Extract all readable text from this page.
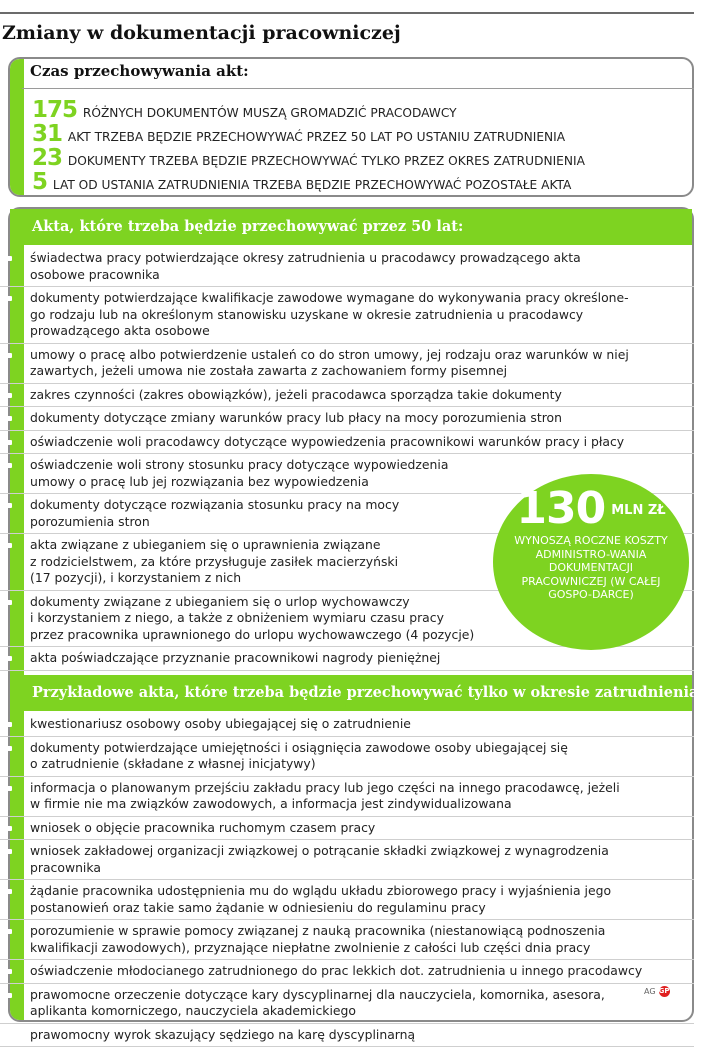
Zmiany w dokumentacji pracowniczej
Czas przechowywania akt:
175 RÓŻNYCH DOKUMENTÓW MUSZĄ GROMADZIĆ PRACODAWCY
31 AKT TRZEBA BĘDZIE PRZECHOWYWAĆ PRZEZ 50 LAT PO USTANIU ZATRUDNIENIA
23 DOKUMENTY TRZEBA BĘDZIE PRZECHOWYWAĆ TYLKO PRZEZ OKRES ZATRUDNIENIA
5 LAT OD USTANIA ZATRUDNIENIA TRZEBA BĘDZIE PRZECHOWYWAĆ POZOSTAŁE AKTA
Akta, które trzeba będzie przechowywać przez 50 lat:
świadectwa pracy potwierdzające okresy zatrudnienia u pracodawcy prowadzącego akta
osobowe pracownika
dokumenty potwierdzające kwalifikacje zawodowe wymagane do wykonywania pracy określone-
go rodzaju lub na określonym stanowisku uzyskane w okresie zatrudnienia u pracodawcy
prowadzącego akta osobowe
umowy o pracę albo potwierdzenie ustaleń co do stron umowy, jej rodzaju oraz warunków w niej
zawartych, jeżeli umowa nie została zawarta z zachowaniem formy pisemnej
zakres czynności (zakres obowiązków), jeżeli pracodawca sporządza takie dokumenty
dokumenty dotyczące zmiany warunków pracy lub płacy na mocy porozumienia stron
oświadczenie woli pracodawcy dotyczące wypowiedzenia pracownikowi warunków pracy i płacy
oświadczenie woli strony stosunku pracy dotyczące wypowiedzenia
umowy o pracę lub jej rozwiązania bez wypowiedzenia
dokumenty dotyczące rozwiązania stosunku pracy na mocy
porozumienia stron
akta związane z ubieganiem się o uprawnienia związane
z rodzicielstwem, za które przysługuje zasiłek macierzyński
(17 pozycji), i korzystaniem z nich
dokumenty związane z ubieganiem się o urlop wychowawczy
i korzystaniem z niego, a także z obniżeniem wymiaru czasu pracy
przez pracownika uprawnionego do urlopu wychowawczego (4 pozycje)
akta poświadczające przyznanie pracownikowi nagrody pieniężnej
Przykładowe akta, które trzeba będzie przechowywać tylko w okresie zatrudnienia
kwestionariusz osobowy osoby ubiegającej się o zatrudnienie
dokumenty potwierdzające umiejętności i osiągnięcia zawodowe osoby ubiegającej się
o zatrudnienie (składane z własnej inicjatywy)
informacja o planowanym przejściu zakładu pracy lub jego części na innego pracodawcę, jeżeli
w firmie nie ma związków zawodowych, a informacja jest zindywidualizowana
wniosek o objęcie pracownika ruchomym czasem pracy
wniosek zakładowej organizacji związkowej o potrącanie składki związkowej z wynagrodzenia
pracownika
żądanie pracownika udostępnienia mu do wglądu układu zbiorowego pracy i wyjaśnienia jego
postanowień oraz takie samo żądanie w odniesieniu do regulaminu pracy
porozumienie w sprawie pomocy związanej z nauką pracownika (niestanowiącą podnoszenia
kwalifikacji zawodowych), przyznające niepłatne zwolnienie z całości lub części dnia pracy
oświadczenie młodocianego zatrudnionego do prac lekkich dot. zatrudnienia u innego pracodawcy
prawomocne orzeczenie dotyczące kary dyscyplinarnej dla nauczyciela, komornika, asesora,
aplikanta komorniczego, nauczyciela akademickiego
prawomocny wyrok skazujący sędziego na karę dyscyplinarną
130 MLN ZŁ
WYNOSZĄ ROCZNE KOSZTY ADMINISTRO-WANIA DOKUMENTACJI PRACOWNICZEJ (W CAŁEJ GOSPO-DARCE)
AG GP
